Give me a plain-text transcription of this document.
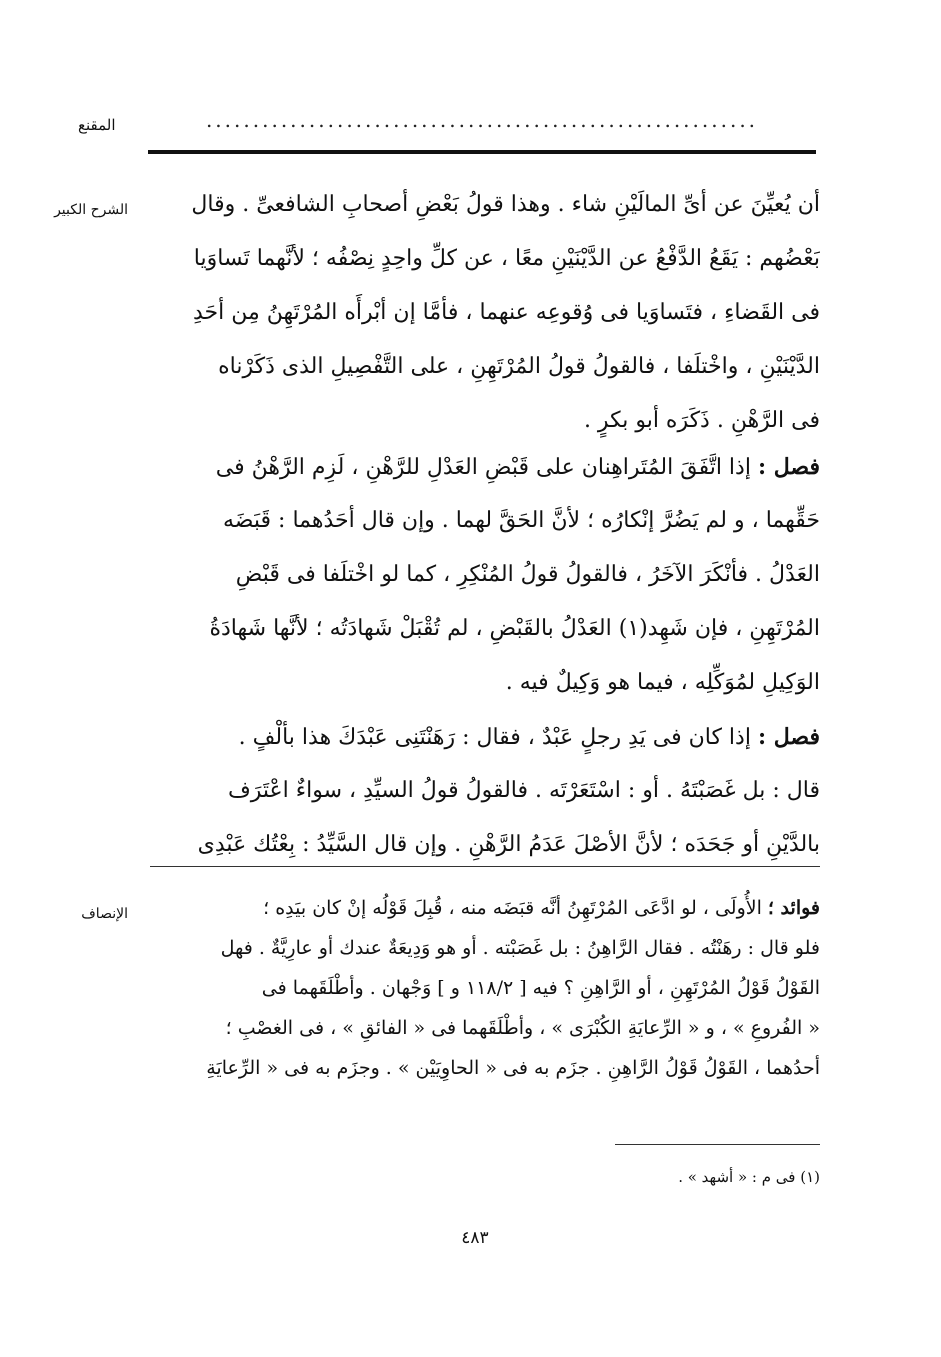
المقنع	...........................................................
الشرح الكبير
الإنصاف
أن يُعيِّنَ عن أىِّ المالَيْنِ شاء . وهذا قولُ بَعْضِ أصحابِ الشافعىِّ . وقال
بَعْضُهم : يَقَعُ الدَّفْعُ عن الدَّيْنَيْنِ معًا ، عن كلِّ واحِدٍ نِصْفُه ؛ لأنَّهما تَساوَيا
فى القَضاءِ ، فتَساوَيا فى وُقوعِه عنهما ، فأمَّا إن أبْرأَه المُرْتَهِنُ مِن أحَدِ
الدَّيْنَيْنِ ، واخْتلَفا ، فالقولُ قولُ المُرْتَهِنِ ، على التَّفْصِيلِ الذى ذَكَرْناه
فى الرَّهْنِ . ذَكَرَه أبو بكرٍ .
فصل : إذا اتَّفَقَ المُتَراهِنان على قَبْضِ العَدْلِ للرَّهْنِ ، لَزِم الرَّهْنُ فى
حَقِّهما ، و لم يَضُرَّ إنْكارُه ؛ لأنَّ الحَقَّ لهما . وإن قال أحَدُهما : قَبَضَه
العَدْلُ . فأنْكَرَ الآخَرُ ، فالقولُ قولُ المُنْكِرِ ، كما لو اخْتلَفا فى قَبْضِ
المُرْتَهِنِ ، فإن شَهِد(١) العَدْلُ بالقَبْضِ ، لم تُقْبَلْ شَهادَتُه ؛ لأنَّها شَهادَةُ
الوَكِيلِ لمُوَكِّلِه ، فيما هو وَكِيلٌ فيه .
فصل : إذا كان فى يَدِ رجلٍ عَبْدٌ ، فقال : رَهَنْتَنِى عَبْدَكَ هذا بألْفٍ .
قال : بل غَصَبْتَهُ . أو : اسْتَعَرْتَه . فالقولُ قولُ السيِّدِ ، سواءٌ اعْتَرَف
بالدَّيْنِ أو جَحَدَه ؛ لأنَّ الأصْلَ عَدَمُ الرَّهْنِ . وإن قال السَّيِّدُ : بِعْتُك عَبْدِى
فوائد ؛ الأُولَى ، لو ادَّعَى المُرْتَهِنُ أنَّه قبَضَه منه ، قُبِلَ قَوْلُه إنْ كان بيَدِه ؛
فلو قال : رهَنْتُه . فقال الرَّاهِنُ : بل غَصَبْته . أو هو وَدِيعَةٌ عندك أو عارِيَّةٌ . فهل
القَوْلُ قَوْلُ المُرْتَهِنِ ، أو الرَّاهِنِ ؟ فيه [ ١١٨/٢ و ] وَجْهان . وأطْلَقَهما فى
« الفُروعِ » ، و « الرِّعايَةِ الكُبْرَى » ، وأطْلَقَهما فى « الفائقِ » ، فى الغصْبِ ؛
أحدُهما ، القَوْلُ قَوْلُ الرَّاهِنِ . جزَم به فى « الحاوِيَيْن » . وجزَم به فى « الرِّعايَةِ
(١) فى م : « أشهد » .
٤٨٣
